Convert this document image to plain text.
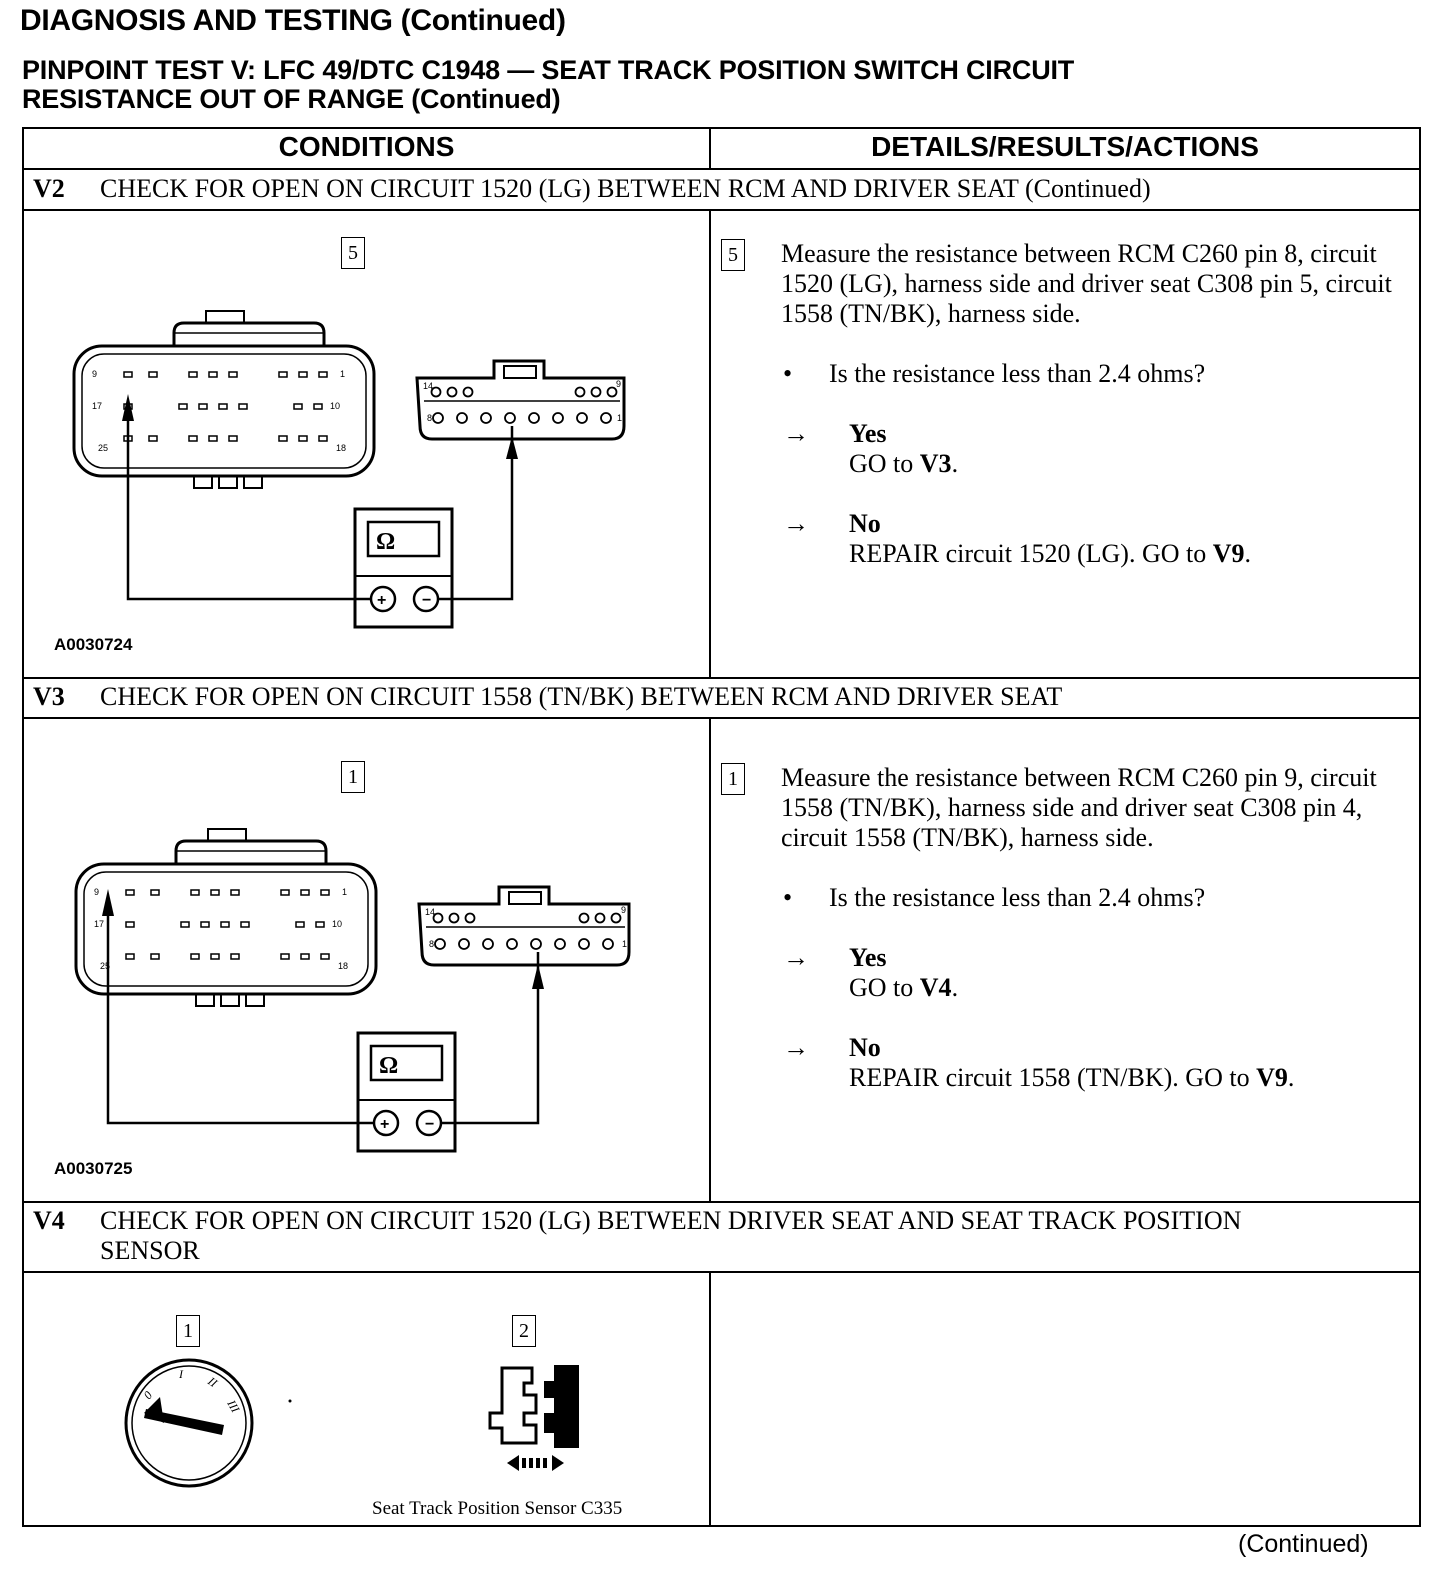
DIAGNOSIS AND TESTING (Continued)
PINPOINT TEST V: LFC 49/DTC C1948 — SEAT TRACK POSITION SWITCH CIRCUIT
RESISTANCE OUT OF RANGE (Continued)
CONDITIONS	DETAILS/RESULTS/ACTIONS
V2 CHECK FOR OPEN ON CIRCUIT 1520 (LG) BETWEEN RCM AND DRIVER SEAT (Continued)
5
Ω
+ −
9
17
25
1
10
18
14	9
8	1
A0030724
5 Measure the resistance between RCM C260 pin 8, circuit 1520 (LG), harness side and driver seat C308 pin 5, circuit 1558 (TN/BK), harness side.
• Is the resistance less than 2.4 ohms?
→ Yes
GO to V3.
→ No
REPAIR circuit 1520 (LG). GO to V9.
V3 CHECK FOR OPEN ON CIRCUIT 1558 (TN/BK) BETWEEN RCM AND DRIVER SEAT
1
Ω
+ −
9
17
25
1
10
18
14	9
8	1
A0030725
1 Measure the resistance between RCM C260 pin 9, circuit 1558 (TN/BK), harness side and driver seat C308 pin 4, circuit 1558 (TN/BK), harness side.
• Is the resistance less than 2.4 ohms?
→ Yes
GO to V4.
→ No
REPAIR circuit 1558 (TN/BK). GO to V9.
V4 CHECK FOR OPEN ON CIRCUIT 1520 (LG) BETWEEN DRIVER SEAT AND SEAT TRACK POSITION SENSOR
1	2
0
I II
III
Seat Track Position Sensor C335
(Continued)
